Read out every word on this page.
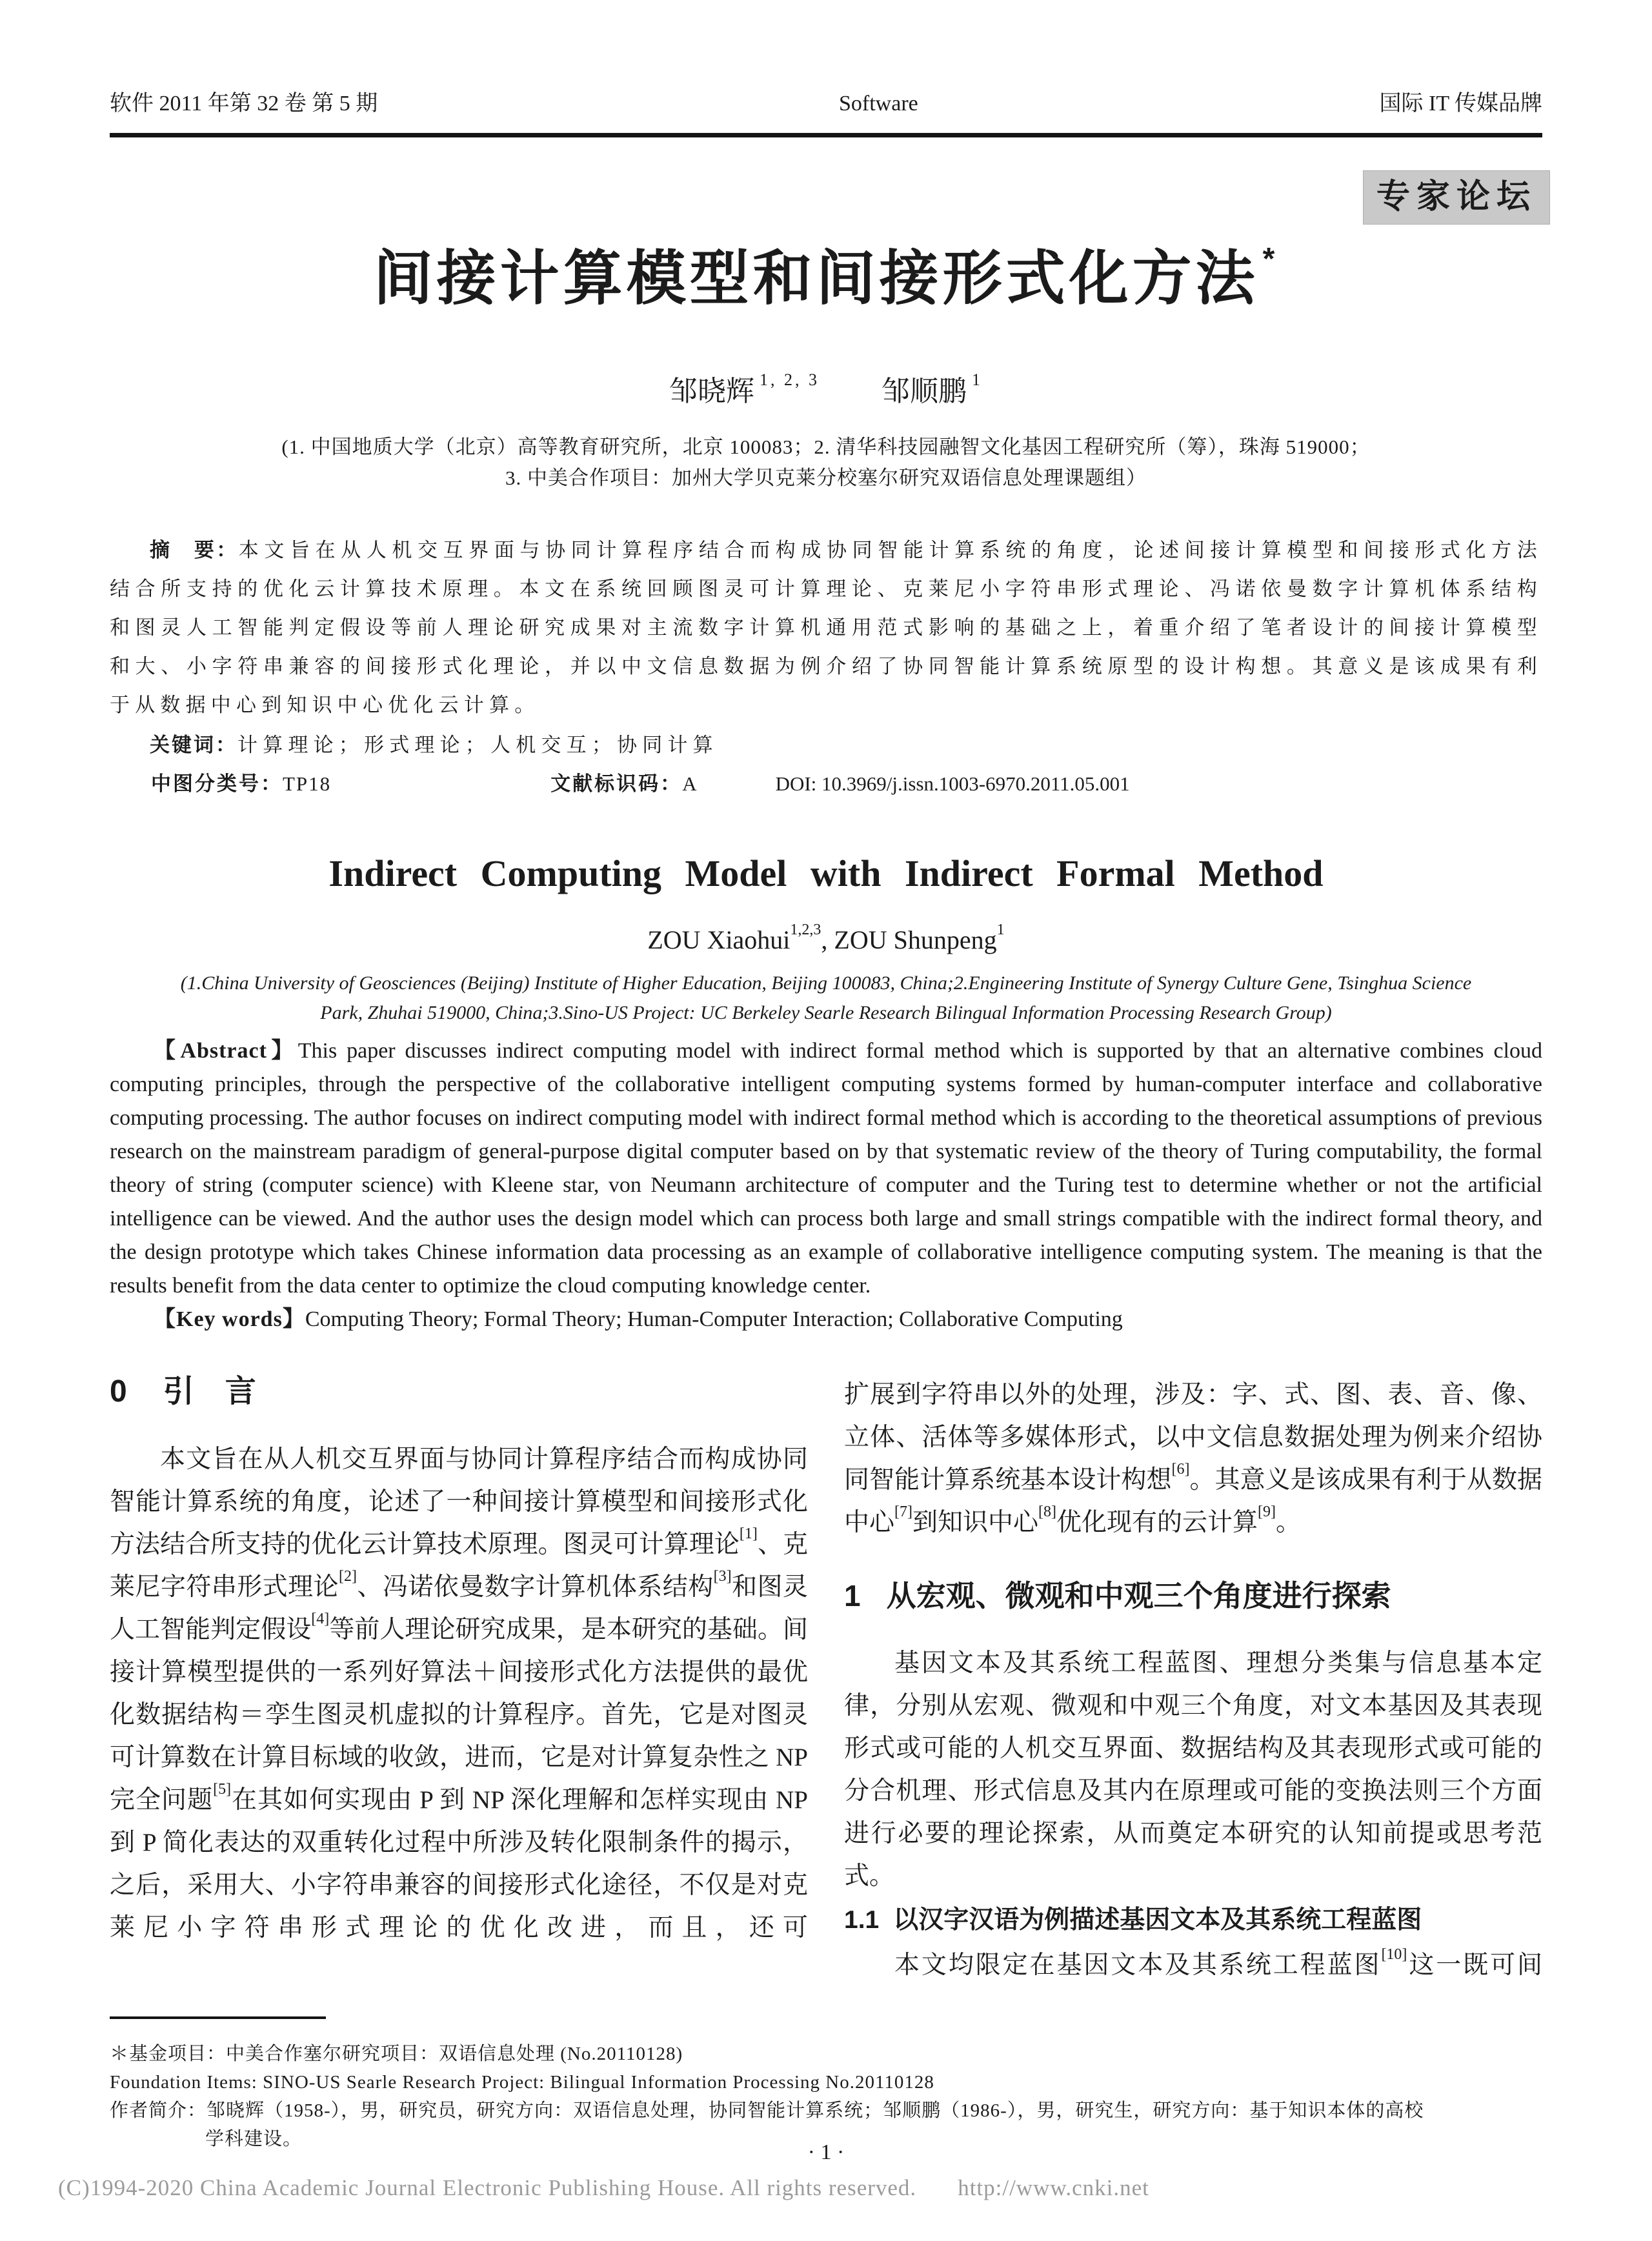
软件 2011 年第 32 卷 第 5 期	Software	国际 IT 传媒品牌
专家论坛
间接计算模型和间接形式化方法 *
邹晓辉 $^{1, 2, 3}$ 邹顺鹏 $^1$
(1. 中国地质大学（北京）高等教育研究所，北京 100083；2. 清华科技园融智文化基因工程研究所（筹），珠海 519000；
3. 中美合作项目：加州大学贝克莱分校塞尔研究双语信息处理课题组）

摘　要：本文旨在从人机交互界面与协同计算程序结合而构成协同智能计算系统的角度，论述间接计算模型和间接形式化方法结合所支持的优化云计算技术原理。本文在系统回顾图灵可计算理论、克莱尼小字符串形式理论、冯诺依曼数字计算机体系结构和图灵人工智能判定假设等前人理论研究成果对主流数字计算机通用范式影响的基础之上，着重介绍了笔者设计的间接计算模型和大、小字符串兼容的间接形式化理论，并以中文信息数据为例介绍了协同智能计算系统原型的设计构想。其意义是该成果有利于从数据中心到知识中心优化云计算。

关键词：计算理论；形式理论；人机交互；协同计算

中图分类号：TP18	文献标识码：A	DOI: 10.3969/j.issn.1003-6970.2011.05.001
Indirect Computing Model with Indirect Formal Method
ZOU Xiaohui$^{1,2,3}$, ZOU Shunpeng$^1$
(1.China University of Geosciences (Beijing) Institute of Higher Education, Beijing 100083, China;2.Engineering Institute of Synergy Culture Gene, Tsinghua Science
Park, Zhuhai 519000, China;3.Sino-US Project: UC Berkeley Searle Research Bilingual Information Processing Research Group)

【Abstract】This paper discusses indirect computing model with indirect formal method which is supported by that an alternative combines cloud computing principles, through the perspective of the collaborative intelligent computing systems formed by human-computer interface and collaborative computing processing. The author focuses on indirect computing model with indirect formal method which is according to the theoretical assumptions of previous research on the mainstream paradigm of general-purpose digital computer based on by that systematic review of the theory of Turing computability, the formal theory of string (computer science) with Kleene star, von Neumann architecture of computer and the Turing test to determine whether or not the artificial intelligence can be viewed. And the author uses the design model which can process both large and small strings compatible with the indirect formal theory, and the design prototype which takes Chinese information data processing as an example of collaborative intelligence computing system. The meaning is that the results benefit from the data center to optimize the cloud computing knowledge center.

【Key words】Computing Theory; Formal Theory; Human-Computer Interaction; Collaborative Computing

0 引　言

本文旨在从人机交互界面与协同计算程序结合而构成协同智能计算系统的角度，论述了一种间接计算模型和间接形式化方法结合所支持的优化云计算技术原理。图灵可计算理论[1]、克莱尼字符串形式理论[2]、冯诺依曼数字计算机体系结构[3]和图灵人工智能判定假设[4]等前人理论研究成果，是本研究的基础。间接计算模型提供的一系列好算法＋间接形式化方法提供的最优化数据结构＝孪生图灵机虚拟的计算程序。首先，它是对图灵可计算数在计算目标域的收敛，进而，它是对计算复杂性之 NP 完全问题[5]在其如何实现由 P 到 NP 深化理解和怎样实现由 NP 到 P 简化表达的双重转化过程中所涉及转化限制条件的揭示，之后，采用大、小字符串兼容的间接形式化途径，不仅是对克莱尼小字符串形式理论的优化改进，而且，还可

扩展到字符串以外的处理，涉及：字、式、图、表、音、像、立体、活体等多媒体形式，以中文信息数据处理为例来介绍协同智能计算系统基本设计构想[6]。其意义是该成果有利于从数据中心[7]到知识中心[8]优化现有的云计算[9]。

1 从宏观、微观和中观三个角度进行探索

基因文本及其系统工程蓝图、理想分类集与信息基本定律，分别从宏观、微观和中观三个角度，对文本基因及其表现形式或可能的人机交互界面、数据结构及其表现形式或可能的分合机理、形式信息及其内在原理或可能的变换法则三个方面进行必要的理论探索，从而奠定本研究的认知前提或思考范式。

1.1 以汉字汉语为例描述基因文本及其系统工程蓝图

本文均限定在基因文本及其系统工程蓝图[10]这一既可间

＊基金项目：中美合作塞尔研究项目：双语信息处理 (No.20110128)
Foundation Items: SINO-US Searle Research Project: Bilingual Information Processing No.20110128
作者简介：邹晓辉（1958-），男，研究员，研究方向：双语信息处理，协同智能计算系统；邹顺鹏（1986-），男，研究生，研究方向：基于知识本体的高校
学科建设。
· 1 ·
(C)1994-2020 China Academic Journal Electronic Publishing House. All rights reserved. http://www.cnki.net
